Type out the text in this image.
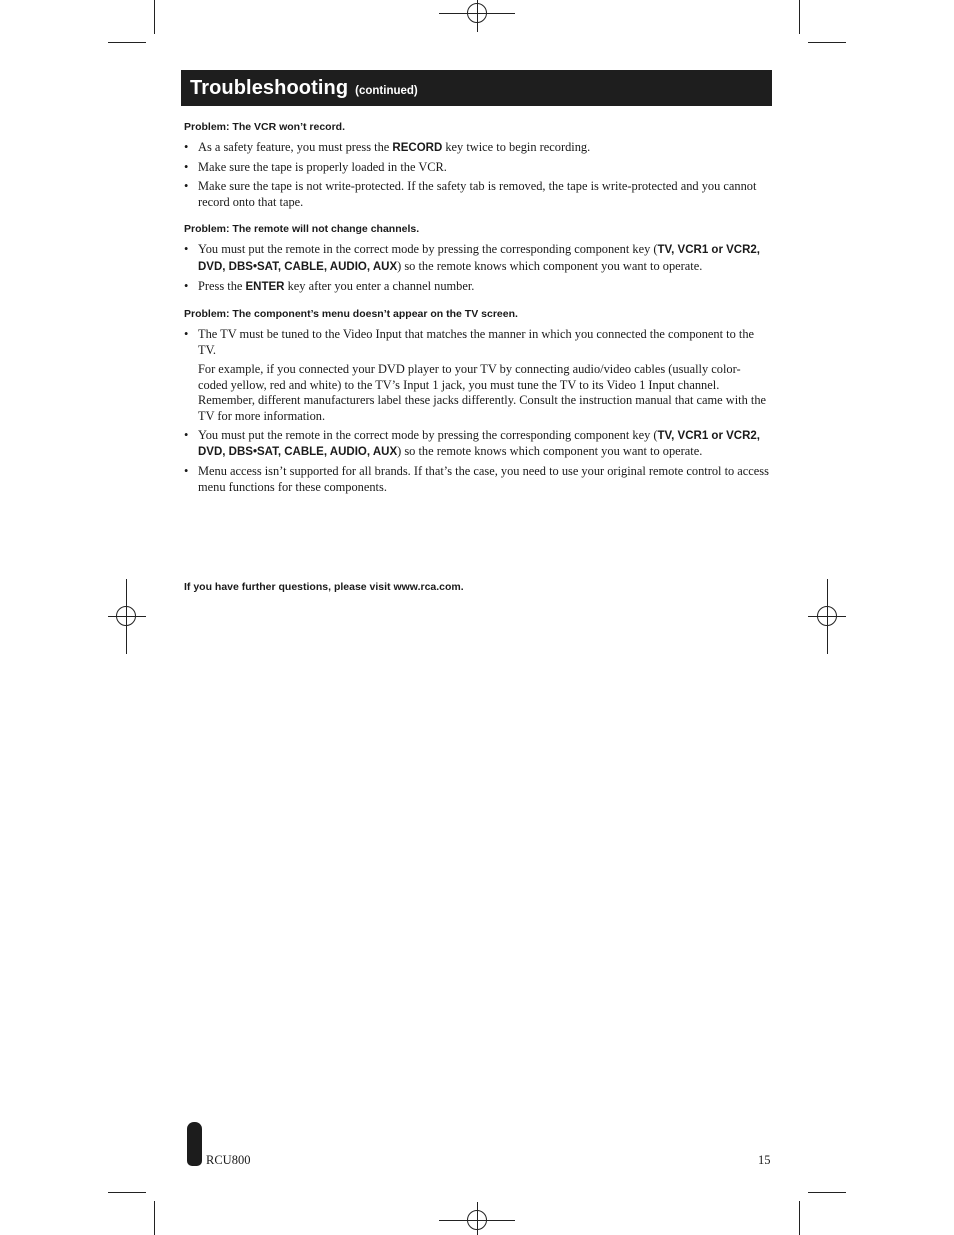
Troubleshooting (continued)

Problem: The VCR won’t record.

• As a safety feature, you must press the RECORD key twice to begin recording.
• Make sure the tape is properly loaded in the VCR.
• Make sure the tape is not write-protected. If the safety tab is removed, the tape is write-protected and you cannot record onto that tape.

Problem: The remote will not change channels.

• You must put the remote in the correct mode by pressing the corresponding component key (TV, VCR1 or VCR2, DVD, DBS•SAT, CABLE, AUDIO, AUX) so the remote knows which component you want to operate.
• Press the ENTER key after you enter a channel number.

Problem: The component’s menu doesn’t appear on the TV screen.

• The TV must be tuned to the Video Input that matches the manner in which you connected the component to the TV.

For example, if you connected your DVD player to your TV by connecting audio/video cables (usually color-coded yellow, red and white) to the TV’s Input 1 jack, you must tune the TV to its Video 1 Input channel. Remember, different manufacturers label these jacks differently. Consult the instruction manual that came with the TV for more information.

• You must put the remote in the correct mode by pressing the corresponding component key (TV, VCR1 or VCR2, DVD, DBS•SAT, CABLE, AUDIO, AUX) so the remote knows which component you want to operate.
• Menu access isn’t supported for all brands. If that’s the case, you need to use your original remote control to access menu functions for these components.
If you have further questions, please visit www.rca.com.
RCU800	15
